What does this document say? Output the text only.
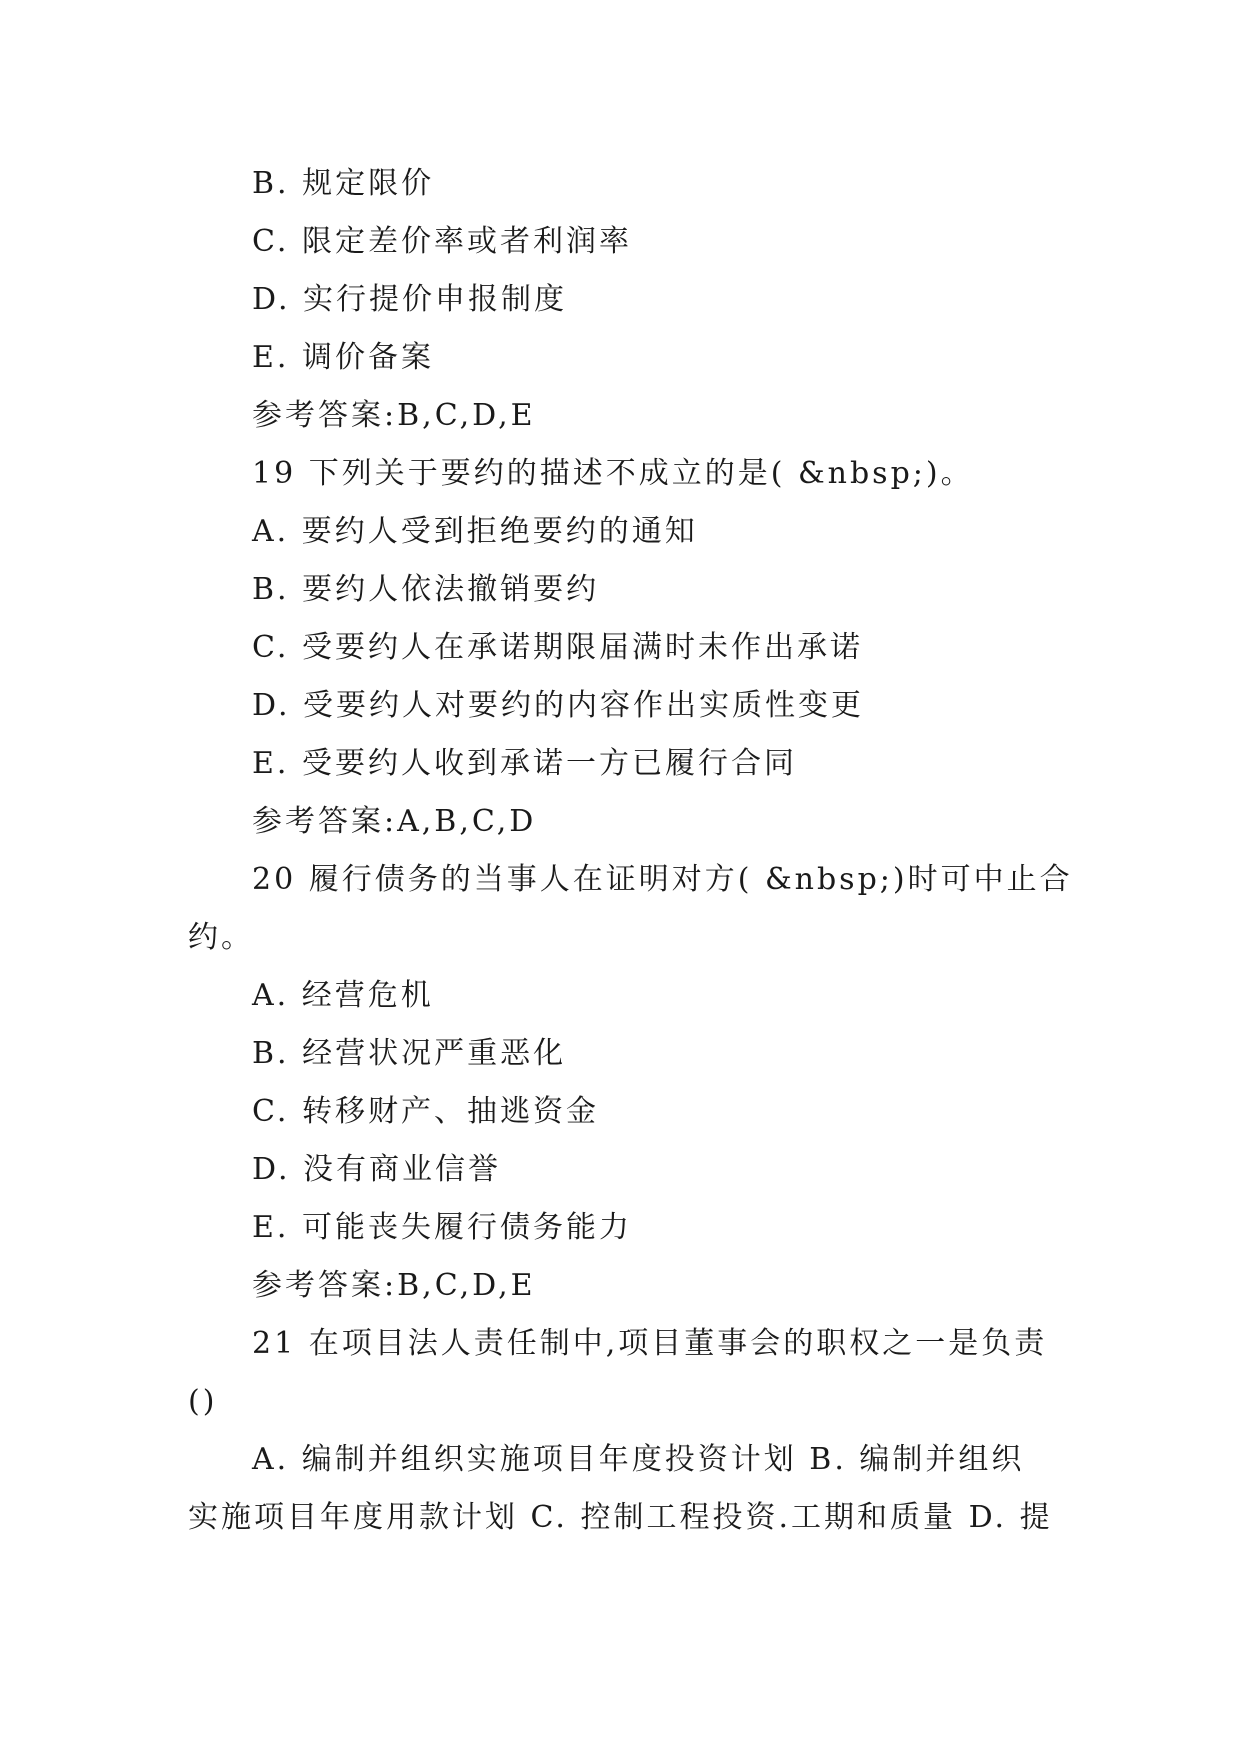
B. 规定限价
C. 限定差价率或者利润率
D. 实行提价申报制度
E. 调价备案
参考答案:B,C,D,E
19 下列关于要约的描述不成立的是( &nbsp;)。
A. 要约人受到拒绝要约的通知
B. 要约人依法撤销要约
C. 受要约人在承诺期限届满时未作出承诺
D. 受要约人对要约的内容作出实质性变更
E. 受要约人收到承诺一方已履行合同
参考答案:A,B,C,D
20 履行债务的当事人在证明对方( &nbsp;)时可中止合
约。
A. 经营危机
B. 经营状况严重恶化
C. 转移财产、抽逃资金
D. 没有商业信誉
E. 可能丧失履行债务能力
参考答案:B,C,D,E
21 在项目法人责任制中,项目董事会的职权之一是负责
()
A. 编制并组织实施项目年度投资计划 B. 编制并组织
实施项目年度用款计划 C. 控制工程投资.工期和质量 D. 提
